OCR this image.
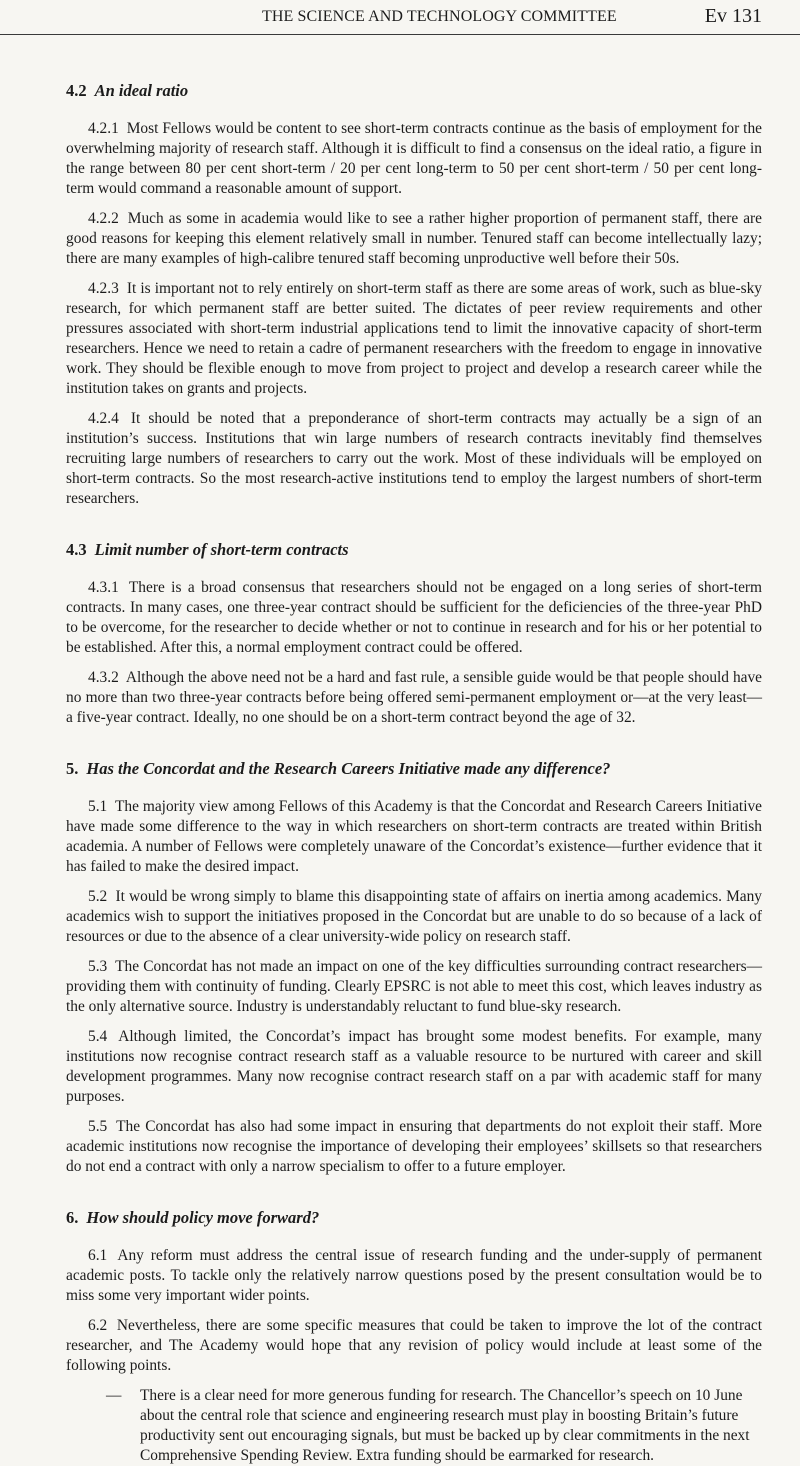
THE SCIENCE AND TECHNOLOGY COMMITTEE	Ev 131
4.2 An ideal ratio

4.2.1 Most Fellows would be content to see short-term contracts continue as the basis of employment for the overwhelming majority of research staff. Although it is difficult to find a consensus on the ideal ratio, a figure in the range between 80 per cent short-term / 20 per cent long-term to 50 per cent short-term / 50 per cent long-term would command a reasonable amount of support.

4.2.2 Much as some in academia would like to see a rather higher proportion of permanent staff, there are good reasons for keeping this element relatively small in number. Tenured staff can become intellectually lazy; there are many examples of high-calibre tenured staff becoming unproductive well before their 50s.

4.2.3 It is important not to rely entirely on short-term staff as there are some areas of work, such as blue-sky research, for which permanent staff are better suited. The dictates of peer review requirements and other pressures associated with short-term industrial applications tend to limit the innovative capacity of short-term researchers. Hence we need to retain a cadre of permanent researchers with the freedom to engage in innovative work. They should be flexible enough to move from project to project and develop a research career while the institution takes on grants and projects.

4.2.4 It should be noted that a preponderance of short-term contracts may actually be a sign of an institution’s success. Institutions that win large numbers of research contracts inevitably find themselves recruiting large numbers of researchers to carry out the work. Most of these individuals will be employed on short-term contracts. So the most research-active institutions tend to employ the largest numbers of short-term researchers.

4.3 Limit number of short-term contracts

4.3.1 There is a broad consensus that researchers should not be engaged on a long series of short-term contracts. In many cases, one three-year contract should be sufficient for the deficiencies of the three-year PhD to be overcome, for the researcher to decide whether or not to continue in research and for his or her potential to be established. After this, a normal employment contract could be offered.

4.3.2 Although the above need not be a hard and fast rule, a sensible guide would be that people should have no more than two three-year contracts before being offered semi-permanent employment or—at the very least—a five-year contract. Ideally, no one should be on a short-term contract beyond the age of 32.

5. Has the Concordat and the Research Careers Initiative made any difference?

5.1 The majority view among Fellows of this Academy is that the Concordat and Research Careers Initiative have made some difference to the way in which researchers on short-term contracts are treated within British academia. A number of Fellows were completely unaware of the Concordat’s existence—further evidence that it has failed to make the desired impact.

5.2 It would be wrong simply to blame this disappointing state of affairs on inertia among academics. Many academics wish to support the initiatives proposed in the Concordat but are unable to do so because of a lack of resources or due to the absence of a clear university-wide policy on research staff.

5.3 The Concordat has not made an impact on one of the key difficulties surrounding contract researchers—providing them with continuity of funding. Clearly EPSRC is not able to meet this cost, which leaves industry as the only alternative source. Industry is understandably reluctant to fund blue-sky research.

5.4 Although limited, the Concordat’s impact has brought some modest benefits. For example, many institutions now recognise contract research staff as a valuable resource to be nurtured with career and skill development programmes. Many now recognise contract research staff on a par with academic staff for many purposes.

5.5 The Concordat has also had some impact in ensuring that departments do not exploit their staff. More academic institutions now recognise the importance of developing their employees’ skillsets so that researchers do not end a contract with only a narrow specialism to offer to a future employer.

6. How should policy move forward?

6.1 Any reform must address the central issue of research funding and the under-supply of permanent academic posts. To tackle only the relatively narrow questions posed by the present consultation would be to miss some very important wider points.

6.2 Nevertheless, there are some specific measures that could be taken to improve the lot of the contract researcher, and The Academy would hope that any revision of policy would include at least some of the following points.

— There is a clear need for more generous funding for research. The Chancellor’s speech on 10 June about the central role that science and engineering research must play in boosting Britain’s future productivity sent out encouraging signals, but must be backed up by clear commitments in the next Comprehensive Spending Review. Extra funding should be earmarked for research.
